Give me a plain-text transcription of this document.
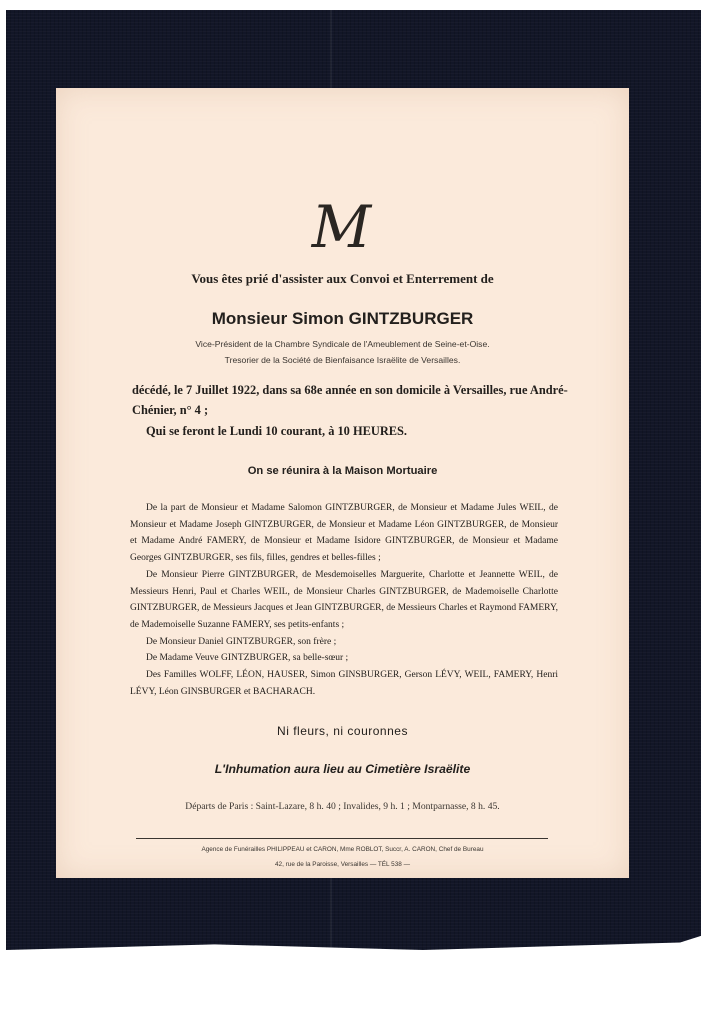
M
Vous êtes prié d'assister aux Convoi et Enterrement de
Monsieur Simon GINTZBURGER
Vice-Président de la Chambre Syndicale de l'Ameublement de Seine-et-Oise.
Tresorier de la Société de Bienfaisance Israëlite de Versailles.
décédé, le 7 Juillet 1922, dans sa 68e année en son domicile à Versailles, rue André-Chénier, n° 4 ;
Qui se feront le Lundi 10 courant, à 10 HEURES.
On se réunira à la Maison Mortuaire

De la part de Monsieur et Madame Salomon GINTZBURGER, de Monsieur et Madame Jules WEIL, de Monsieur et Madame Joseph GINTZBURGER, de Monsieur et Madame Léon GINTZBURGER, de Monsieur et Madame André FAMERY, de Monsieur et Madame Isidore GINTZBURGER, de Monsieur et Madame Georges GINTZBURGER, ses fils, filles, gendres et belles-filles ;

De Monsieur Pierre GINTZBURGER, de Mesdemoiselles Marguerite, Charlotte et Jeannette WEIL, de Messieurs Henri, Paul et Charles WEIL, de Monsieur Charles GINTZBURGER, de Mademoiselle Charlotte GINTZBURGER, de Messieurs Jacques et Jean GINTZBURGER, de Messieurs Charles et Raymond FAMERY, de Mademoiselle Suzanne FAMERY, ses petits-enfants ;

De Monsieur Daniel GINTZBURGER, son frère ;

De Madame Veuve GINTZBURGER, sa belle-sœur ;

Des Familles WOLFF, LÉON, HAUSER, Simon GINSBURGER, Gerson LÉVY, WEIL, FAMERY, Henri LÉVY, Léon GINSBURGER et BACHARACH.

Ni fleurs, ni couronnes
L'Inhumation aura lieu au Cimetière Israëlite
Départs de Paris : Saint-Lazare, 8 h. 40 ; Invalides, 9 h. 1 ; Montparnasse, 8 h. 45.
Agence de Funérailles PHILIPPEAU et CARON, Mme ROBLOT, Succr, A. CARON, Chef de Bureau
42, rue de la Paroisse, Versailles — TÉL 538 —
